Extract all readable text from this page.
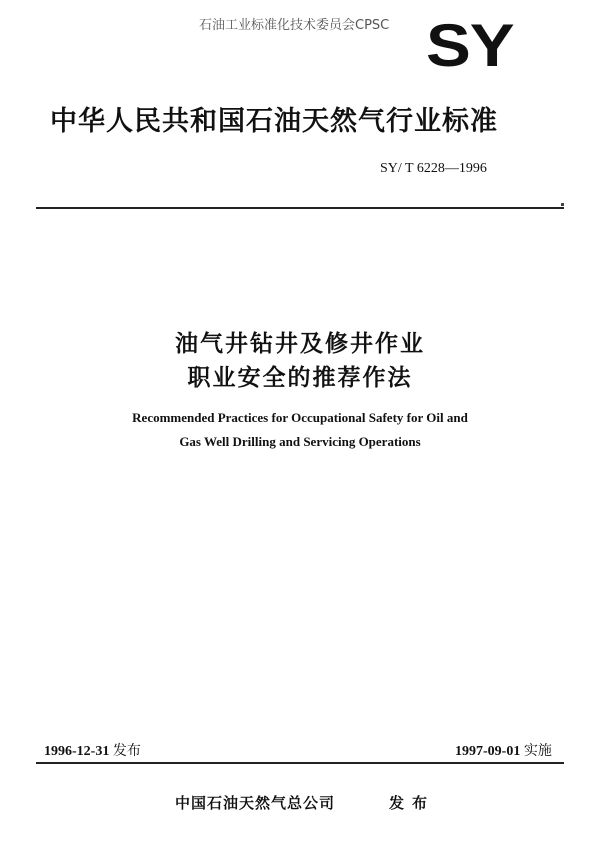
石油工业标准化技术委员会CPSC SY
中华人民共和国石油天然气行业标准
SY/ T 6228—1996
油气井钻井及修井作业
职业安全的推荐作法
Recommended Practices for Occupational Safety for Oil and
Gas Well Drilling and Servicing Operations
1996-12-31 发布	1997-09-01 实施
中国石油天然气总公司	发布
